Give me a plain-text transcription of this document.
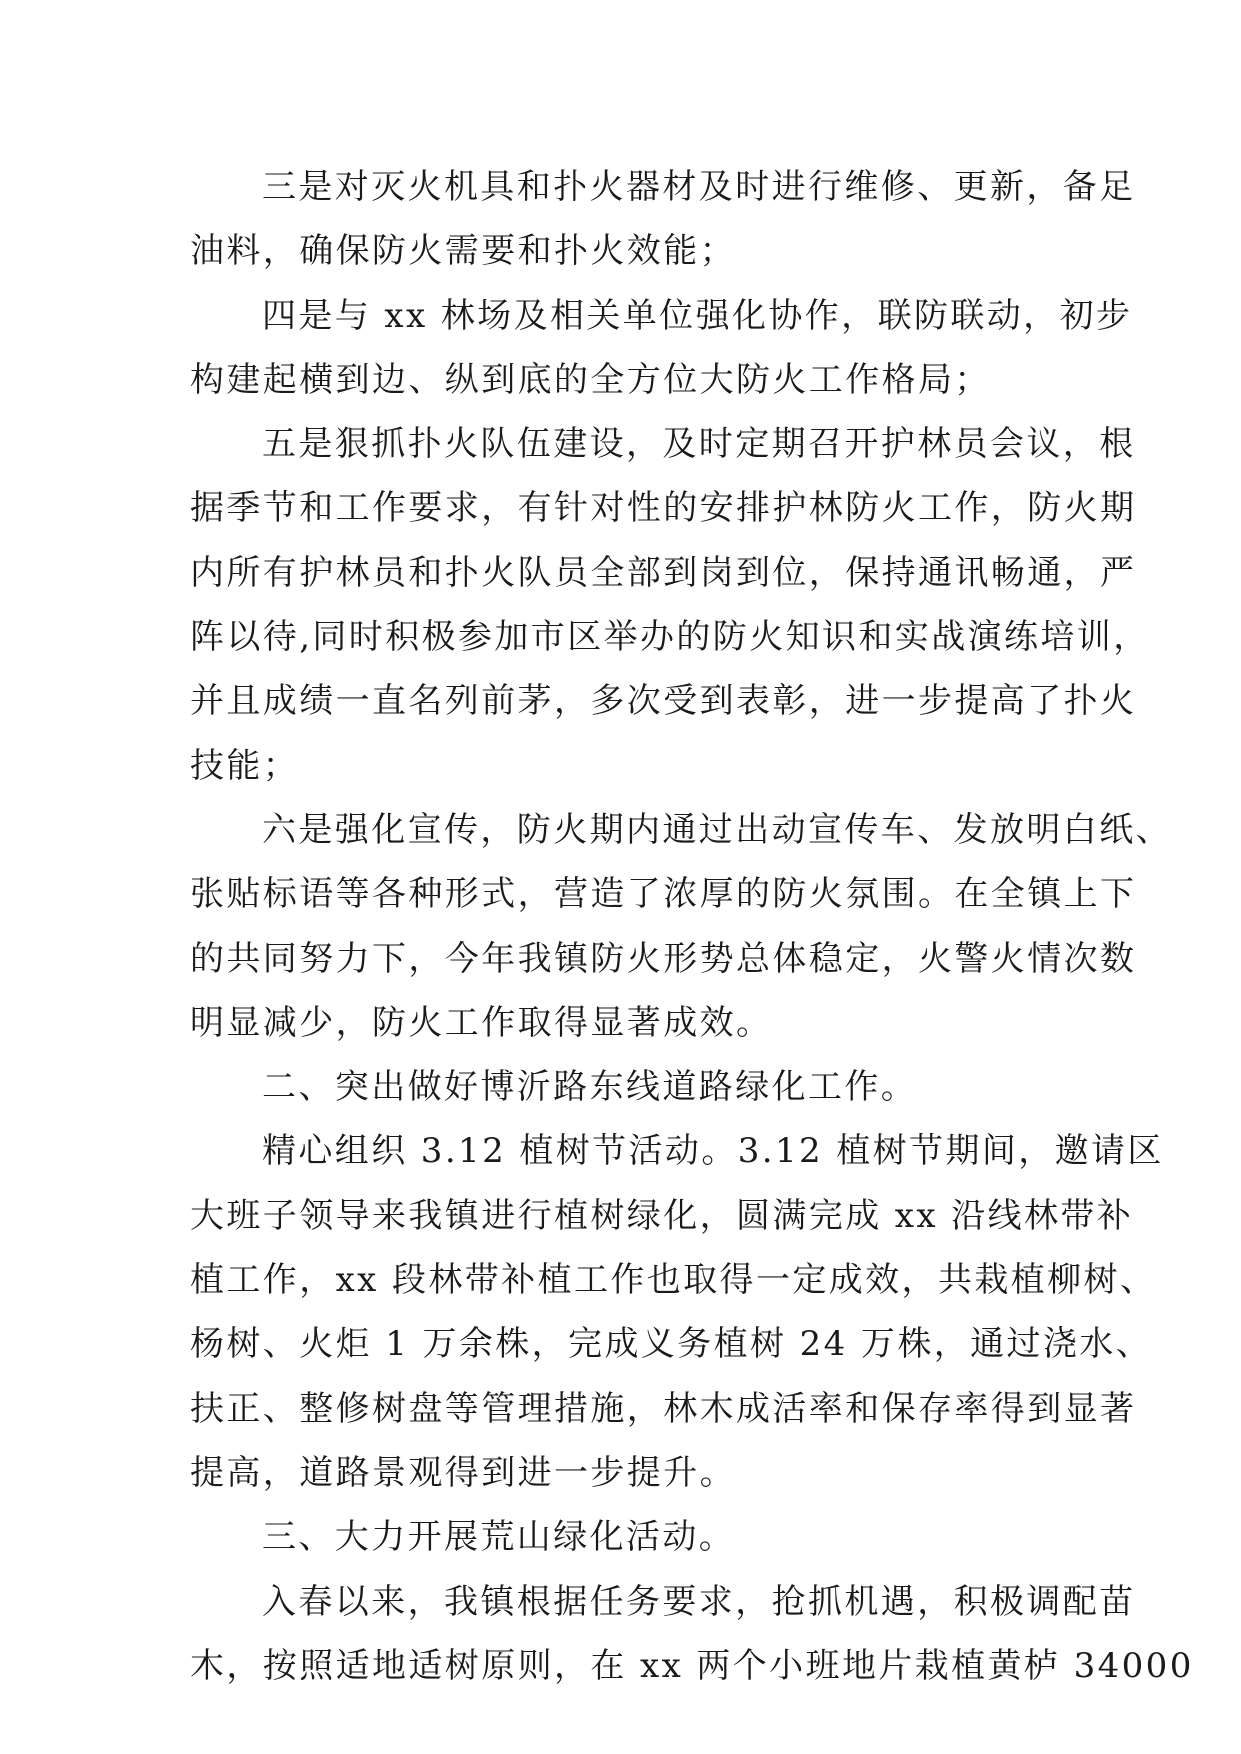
三是对灭火机具和扑火器材及时进行维修、更新，备足
油料，确保防火需要和扑火效能；

四是与 xx 林场及相关单位强化协作，联防联动，初步
构建起横到边、纵到底的全方位大防火工作格局；

五是狠抓扑火队伍建设，及时定期召开护林员会议，根
据季节和工作要求，有针对性的安排护林防火工作，防火期
内所有护林员和扑火队员全部到岗到位，保持通讯畅通，严
阵以待,同时积极参加市区举办的防火知识和实战演练培训，
并且成绩一直名列前茅，多次受到表彰，进一步提高了扑火
技能；

六是强化宣传，防火期内通过出动宣传车、发放明白纸、
张贴标语等各种形式，营造了浓厚的防火氛围。在全镇上下
的共同努力下，今年我镇防火形势总体稳定，火警火情次数
明显减少，防火工作取得显著成效。

二、突出做好博沂路东线道路绿化工作。

精心组织 3.12 植树节活动。3.12 植树节期间，邀请区
大班子领导来我镇进行植树绿化，圆满完成 xx 沿线林带补
植工作，xx 段林带补植工作也取得一定成效，共栽植柳树、
杨树、火炬 1 万余株，完成义务植树 24 万株，通过浇水、
扶正、整修树盘等管理措施，林木成活率和保存率得到显著
提高，道路景观得到进一步提升。

三、大力开展荒山绿化活动。

入春以来，我镇根据任务要求，抢抓机遇，积极调配苗
木，按照适地适树原则，在 xx 两个小班地片栽植黄栌 34000
